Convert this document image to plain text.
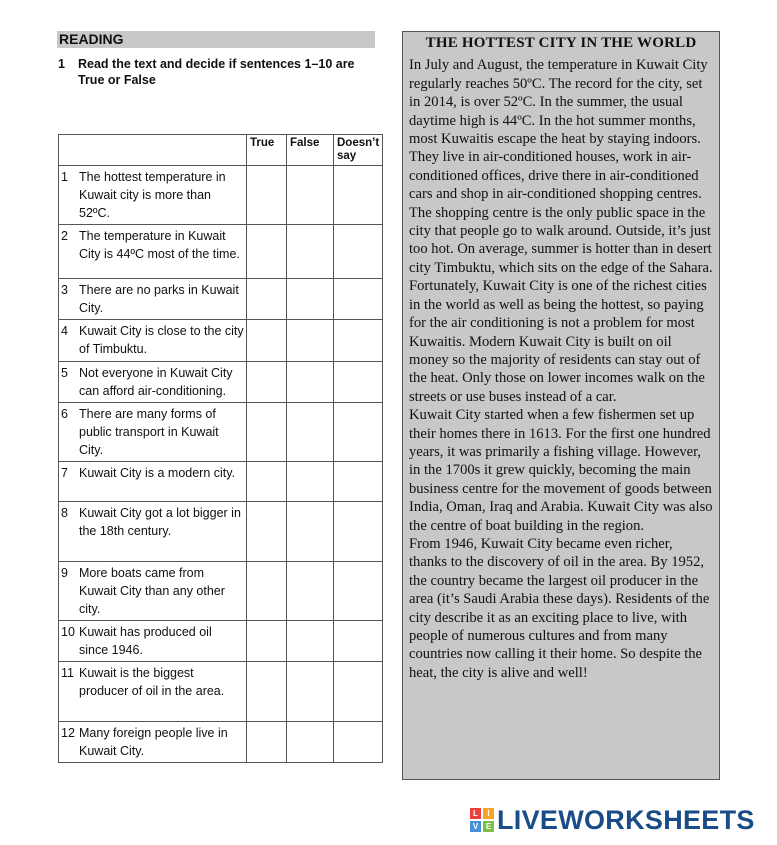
READING
1 Read the text and decide if sentences 1–10 are True or False
	True	False	Doesn’t say

1 The hottest temperature in Kuwait city is more than 52ºC.			

2 The temperature in Kuwait City is 44ºC most of the time.			

3 There are no parks in Kuwait City.			

4 Kuwait City is close to the city of Timbuktu.			

5 Not everyone in Kuwait City can afford air-conditioning.			

6 There are many forms of public transport in Kuwait City.			

7 Kuwait City is a modern city.			

8 Kuwait City got a lot bigger in the 18th century.			

9 More boats came from Kuwait City than any other city.			

10 Kuwait has produced oil since 1946.			

11 Kuwait is the biggest producer of oil in the area.			

12 Many foreign people live in Kuwait City.			
THE HOTTEST CITY IN THE WORLD

In July and August, the temperature in Kuwait City regularly reaches 50ºC. The record for the city, set in 2014, is over 52ºC. In the summer, the usual daytime high is 44ºC. In the hot summer months, most Kuwaitis escape the heat by staying indoors. They live in air-conditioned houses, work in air-conditioned offices, drive there in air-conditioned cars and shop in air-conditioned shopping centres. The shopping centre is the only public space in the city that people go to walk around. Outside, it’s just too hot. On average, summer is hotter than in desert city Timbuktu, which sits on the edge of the Sahara.

Fortunately, Kuwait City is one of the richest cities in the world as well as being the hottest, so paying for the air conditioning is not a problem for most Kuwaitis. Modern Kuwait City is built on oil money so the majority of residents can stay out of the heat. Only those on lower incomes walk on the streets or use buses instead of a car.

Kuwait City started when a few fishermen set up their homes there in 1613. For the first one hundred years, it was primarily a fishing village. However, in the 1700s it grew quickly, becoming the main business centre for the movement of goods between India, Oman, Iraq and Arabia. Kuwait City was also the centre of boat building in the region.

From 1946, Kuwait City became even richer, thanks to the discovery of oil in the area. By 1952, the country became the largest oil producer in the area (it’s Saudi Arabia these days). Residents of the city describe it as an exciting place to live, with people of numerous cultures and from many countries now calling it their home. So despite the heat, the city is alive and well!

L	I
V E LIVEWORKSHEETS
